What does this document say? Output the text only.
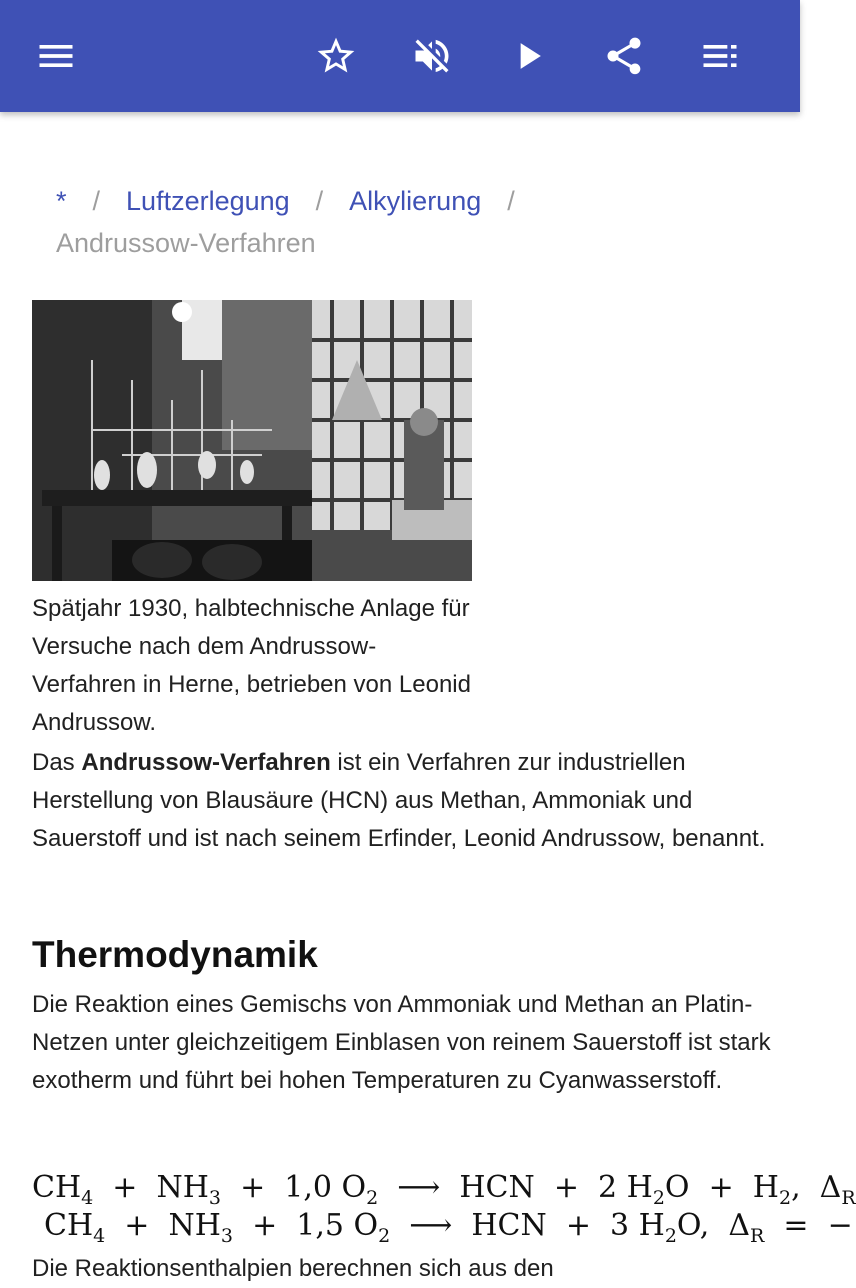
* / Luftzerlegung / Alkylierung /
Andrussow-Verfahren
Spätjahr 1930, halbtechnische Anlage für Versuche nach dem Andrussow-Verfahren in Herne, betrieben von Leonid Andrussow.
Das Andrussow-Verfahren ist ein Verfahren zur industriellen Herstellung von Blausäure (HCN) aus Methan, Ammoniak und Sauerstoff und ist nach seinem Erfinder, Leonid Andrussow, benannt.
Thermodynamik
Die Reaktion eines Gemischs von Ammoniak und Methan an Platin-Netzen unter gleichzeitigem Einblasen von reinem Sauerstoff ist stark exotherm und führt bei hohen Temperaturen zu Cyanwasserstoff.
$CH_4 + NH_3 + 1,0$ $O_2$  ⟶  HCN  +  2 $H_2O + H_2$,  $\Delta_R$
$CH_4 + NH_3 + 1,5$ $O_2$  ⟶  HCN  +  3 $H_2O$,  $\Delta_R$  =  −
Die Reaktionsenthalpien berechnen sich aus den
